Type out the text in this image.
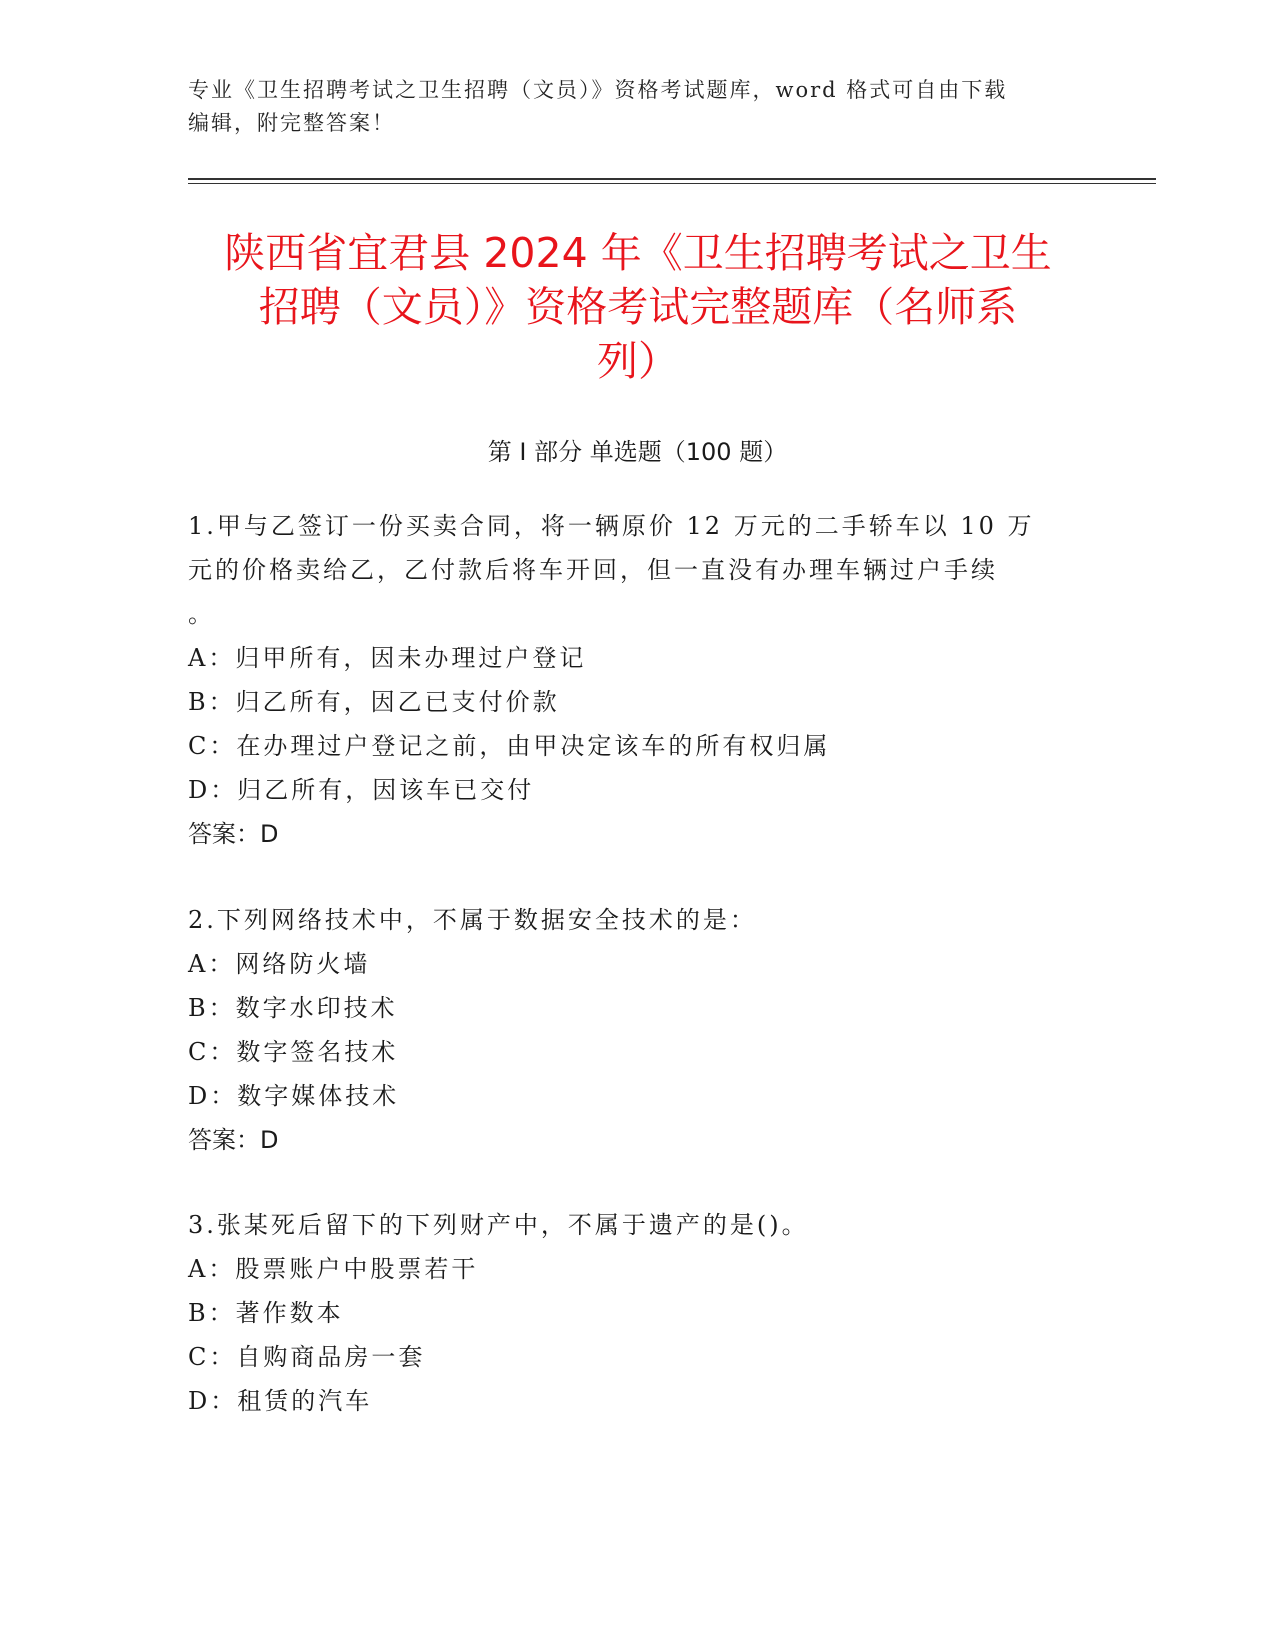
专业《卫生招聘考试之卫生招聘（文员）》资格考试题库，word 格式可自由下载
编辑，附完整答案！
陕西省宜君县 2024 年《卫生招聘考试之卫生
招聘（文员）》资格考试完整题库（名师系
列）
第 I 部分 单选题（100 题）
1.甲与乙签订一份买卖合同，将一辆原价 12 万元的二手轿车以 10 万
元的价格卖给乙，乙付款后将车开回，但一直没有办理车辆过户手续
。
A：归甲所有，因未办理过户登记
B：归乙所有，因乙已支付价款
C：在办理过户登记之前，由甲决定该车的所有权归属
D：归乙所有，因该车已交付
答案：D
2.下列网络技术中，不属于数据安全技术的是：
A：网络防火墙
B：数字水印技术
C：数字签名技术
D：数字媒体技术
答案：D
3.张某死后留下的下列财产中，不属于遗产的是()。
A：股票账户中股票若干
B：著作数本
C：自购商品房一套
D：租赁的汽车
